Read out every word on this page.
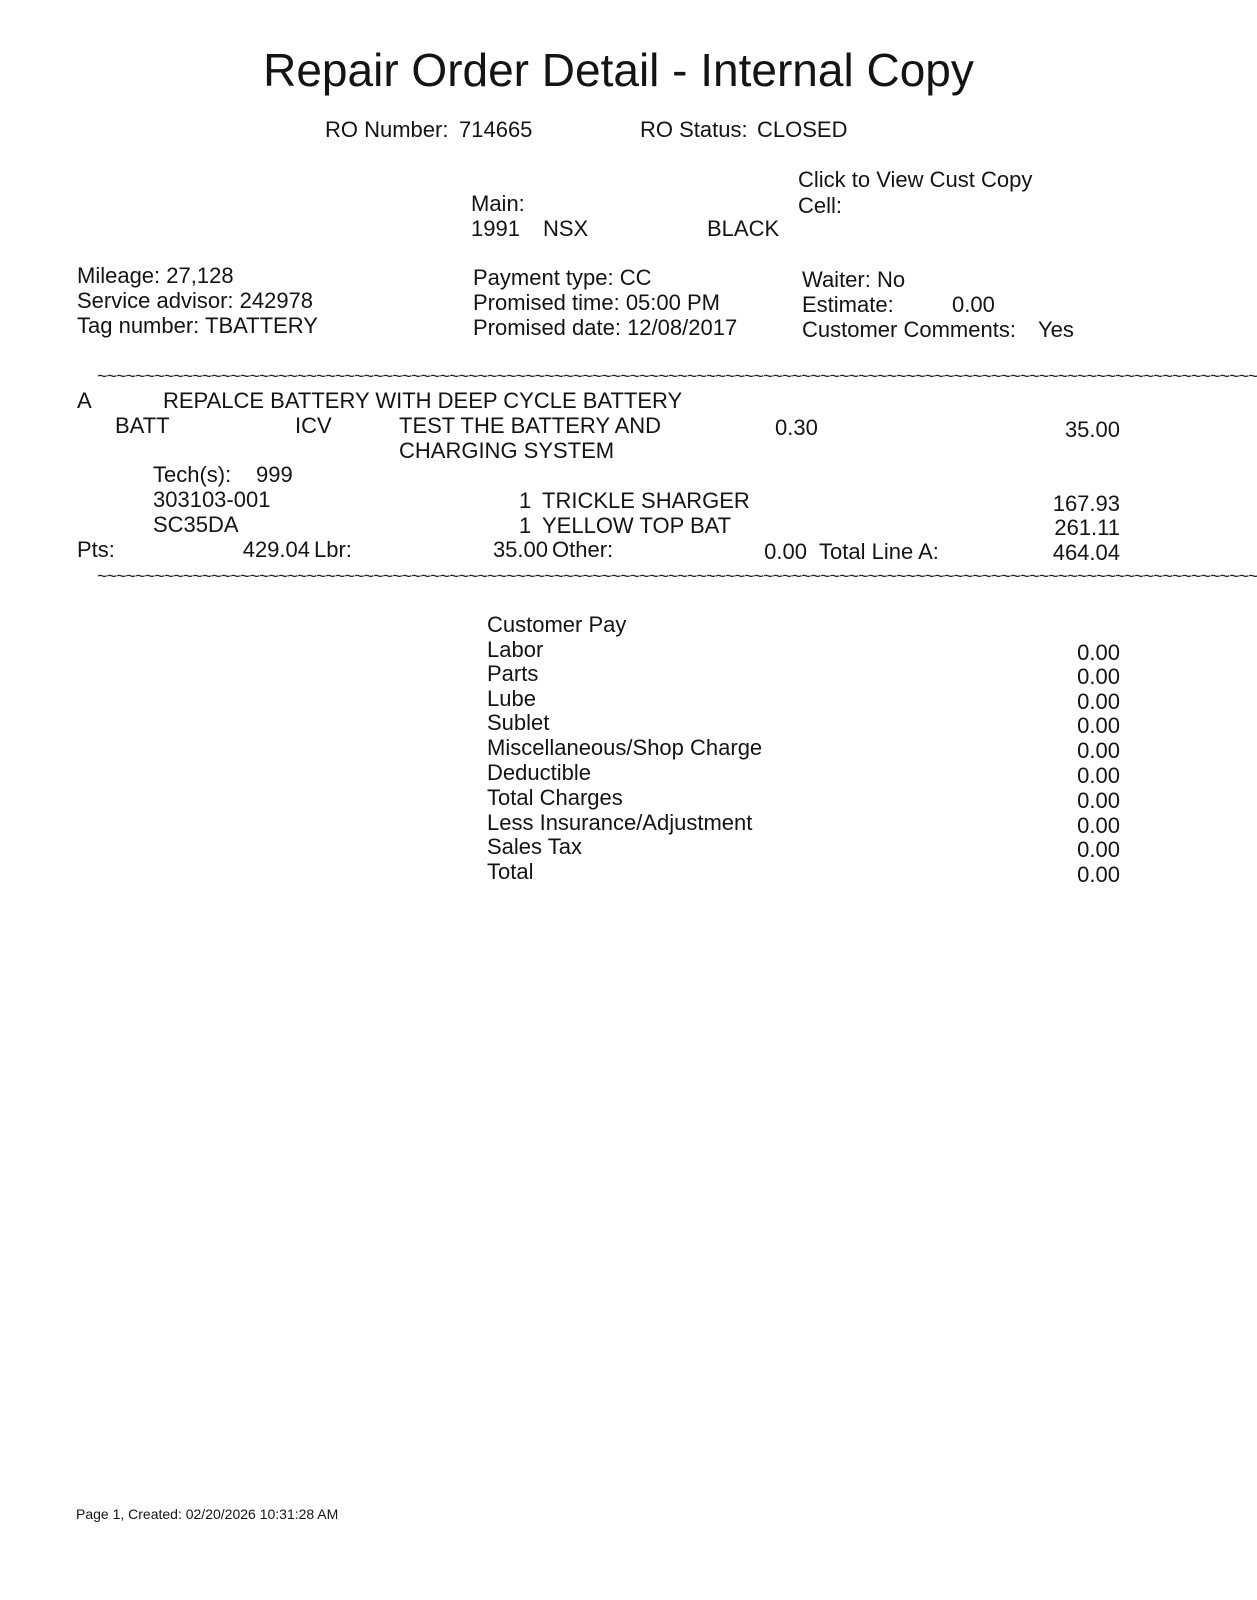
Repair Order Detail - Internal Copy
RO Number: 714665	RO Status: CLOSED
Click to View Cust Copy
Main:	Cell:
1991 NSX	BLACK
Mileage: 27,128
Service advisor: 242978
Tag number: TBATTERY
Payment type: CC
Promised time: 05:00 PM
Promised date: 12/08/2017
Waiter: No
Estimate:	0.00
Customer Comments: Yes
~~~~~~~~~~~~~~~~~~~~~~~~~~~~~~~~~~~~~~~~~~~~~~~~~~~~~~~~~~~~~~~~~~~~~~~~~~~~~~~~~~~~~~~~~~~~~~~~~~~~~~~~~~~~~~~~~~~~~~~~~~
A	REPALCE BATTERY WITH DEEP CYCLE BATTERY
BATT	ICV	TEST THE BATTERY AND
CHARGING SYSTEM
0.30	35.00
Tech(s): 999
303103-001	1 TRICKLE SHARGER	167.93
SC35DA	1 YELLOW TOP BAT	261.11
Pts:	429.04 Lbr:	35.00 Other:	0.00 Total Line A:	464.04
~~~~~~~~~~~~~~~~~~~~~~~~~~~~~~~~~~~~~~~~~~~~~~~~~~~~~~~~~~~~~~~~~~~~~~~~~~~~~~~~~~~~~~~~~~~~~~~~~~~~~~~~~~~~~~~~~~~~~~~~~~
Customer Pay
Labor	0.00
Parts	0.00
Lube	0.00
Sublet	0.00
Miscellaneous/Shop Charge	0.00
Deductible	0.00
Total Charges	0.00
Less Insurance/Adjustment	0.00
Sales Tax	0.00
Total	0.00
Page 1, Created: 02/20/2026 10:31:28 AM
